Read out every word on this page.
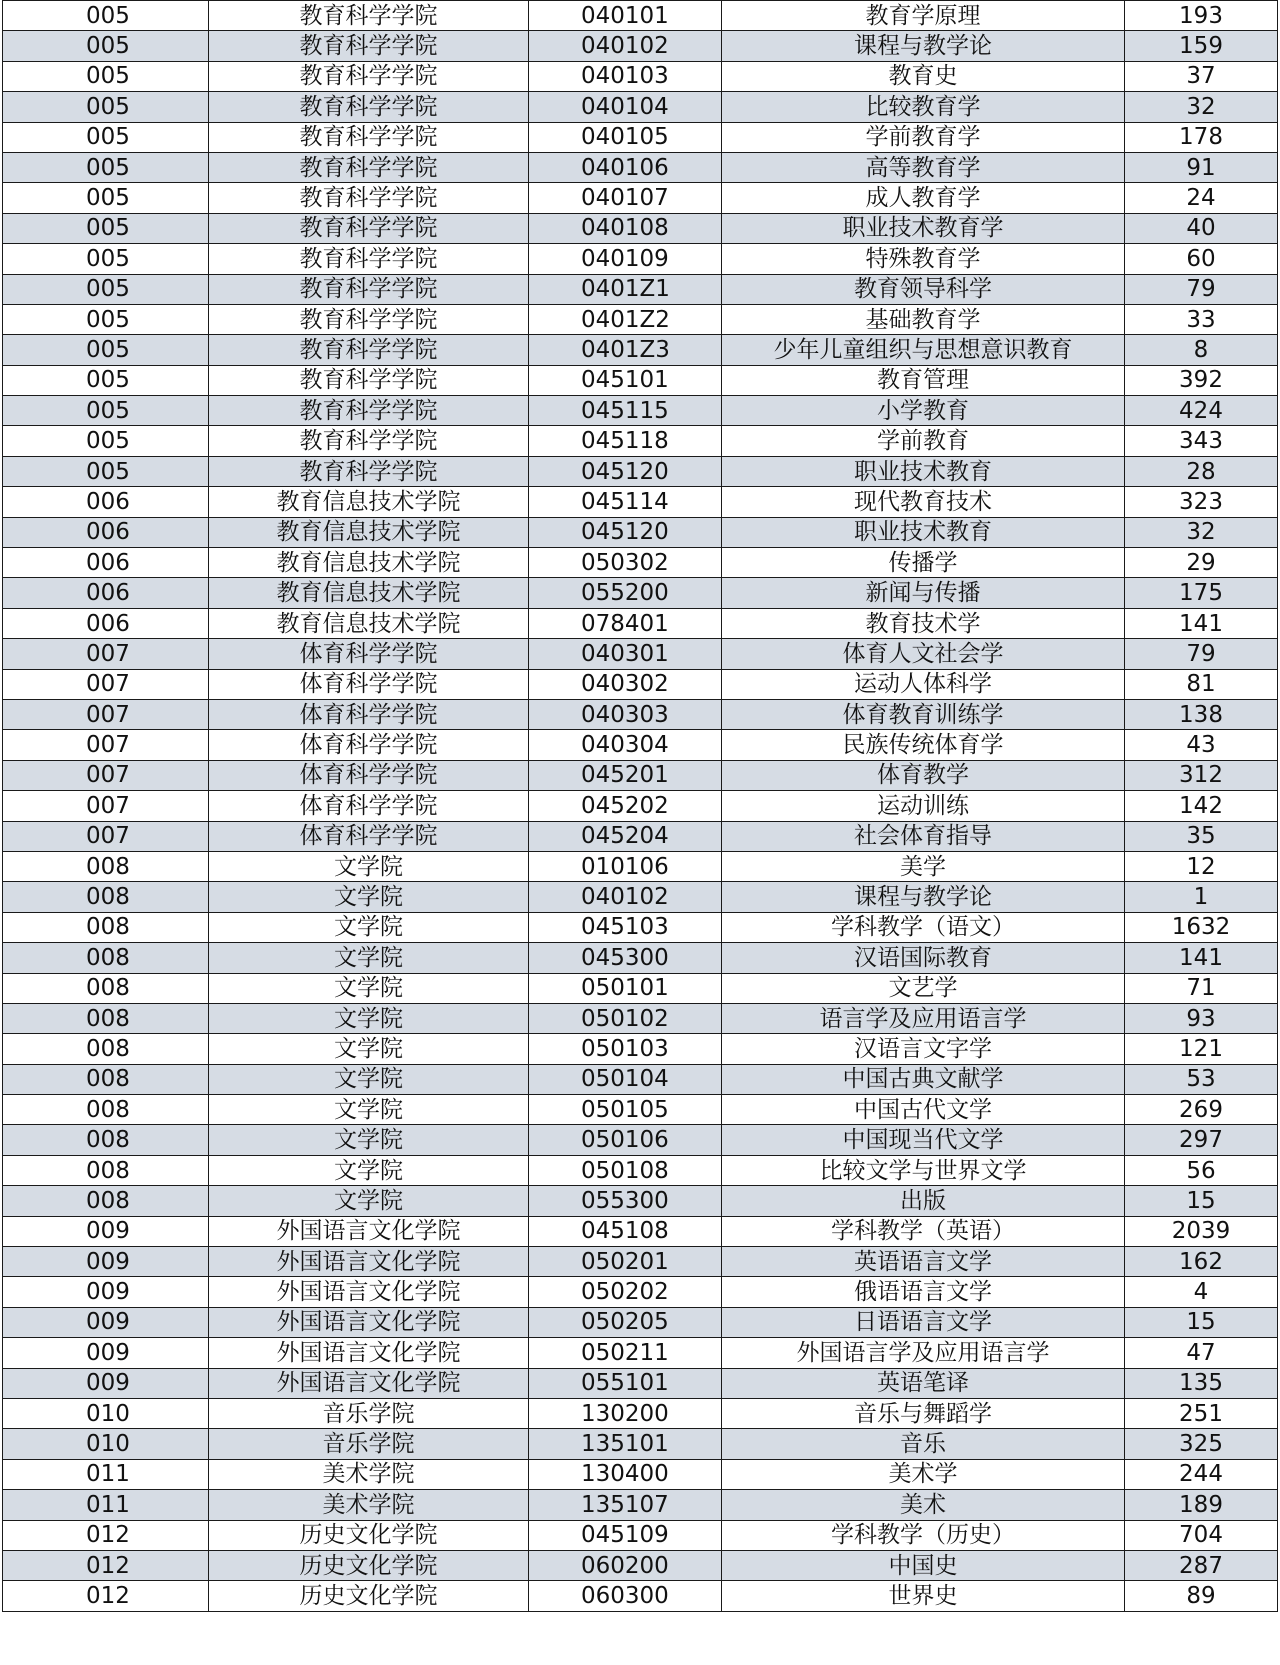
005	教育科学学院	040101	教育学原理	193
005	教育科学学院	040102	课程与教学论	159
005	教育科学学院	040103	教育史	37
005	教育科学学院	040104	比较教育学	32
005	教育科学学院	040105	学前教育学	178
005	教育科学学院	040106	高等教育学	91
005	教育科学学院	040107	成人教育学	24
005	教育科学学院	040108	职业技术教育学	40
005	教育科学学院	040109	特殊教育学	60
005	教育科学学院	0401Z1	教育领导科学	79
005	教育科学学院	0401Z2	基础教育学	33
005	教育科学学院	0401Z3	少年儿童组织与思想意识教育	8
005	教育科学学院	045101	教育管理	392
005	教育科学学院	045115	小学教育	424
005	教育科学学院	045118	学前教育	343
005	教育科学学院	045120	职业技术教育	28
006	教育信息技术学院	045114	现代教育技术	323
006	教育信息技术学院	045120	职业技术教育	32
006	教育信息技术学院	050302	传播学	29
006	教育信息技术学院	055200	新闻与传播	175
006	教育信息技术学院	078401	教育技术学	141
007	体育科学学院	040301	体育人文社会学	79
007	体育科学学院	040302	运动人体科学	81
007	体育科学学院	040303	体育教育训练学	138
007	体育科学学院	040304	民族传统体育学	43
007	体育科学学院	045201	体育教学	312
007	体育科学学院	045202	运动训练	142
007	体育科学学院	045204	社会体育指导	35
008	文学院	010106	美学	12
008	文学院	040102	课程与教学论	1
008	文学院	045103	学科教学（语文）	1632
008	文学院	045300	汉语国际教育	141
008	文学院	050101	文艺学	71
008	文学院	050102	语言学及应用语言学	93
008	文学院	050103	汉语言文字学	121
008	文学院	050104	中国古典文献学	53
008	文学院	050105	中国古代文学	269
008	文学院	050106	中国现当代文学	297
008	文学院	050108	比较文学与世界文学	56
008	文学院	055300	出版	15
009	外国语言文化学院	045108	学科教学（英语）	2039
009	外国语言文化学院	050201	英语语言文学	162
009	外国语言文化学院	050202	俄语语言文学	4
009	外国语言文化学院	050205	日语语言文学	15
009	外国语言文化学院	050211	外国语言学及应用语言学	47
009	外国语言文化学院	055101	英语笔译	135
010	音乐学院	130200	音乐与舞蹈学	251
010	音乐学院	135101	音乐	325
011	美术学院	130400	美术学	244
011	美术学院	135107	美术	189
012	历史文化学院	045109	学科教学（历史）	704
012	历史文化学院	060200	中国史	287
012	历史文化学院	060300	世界史	89
